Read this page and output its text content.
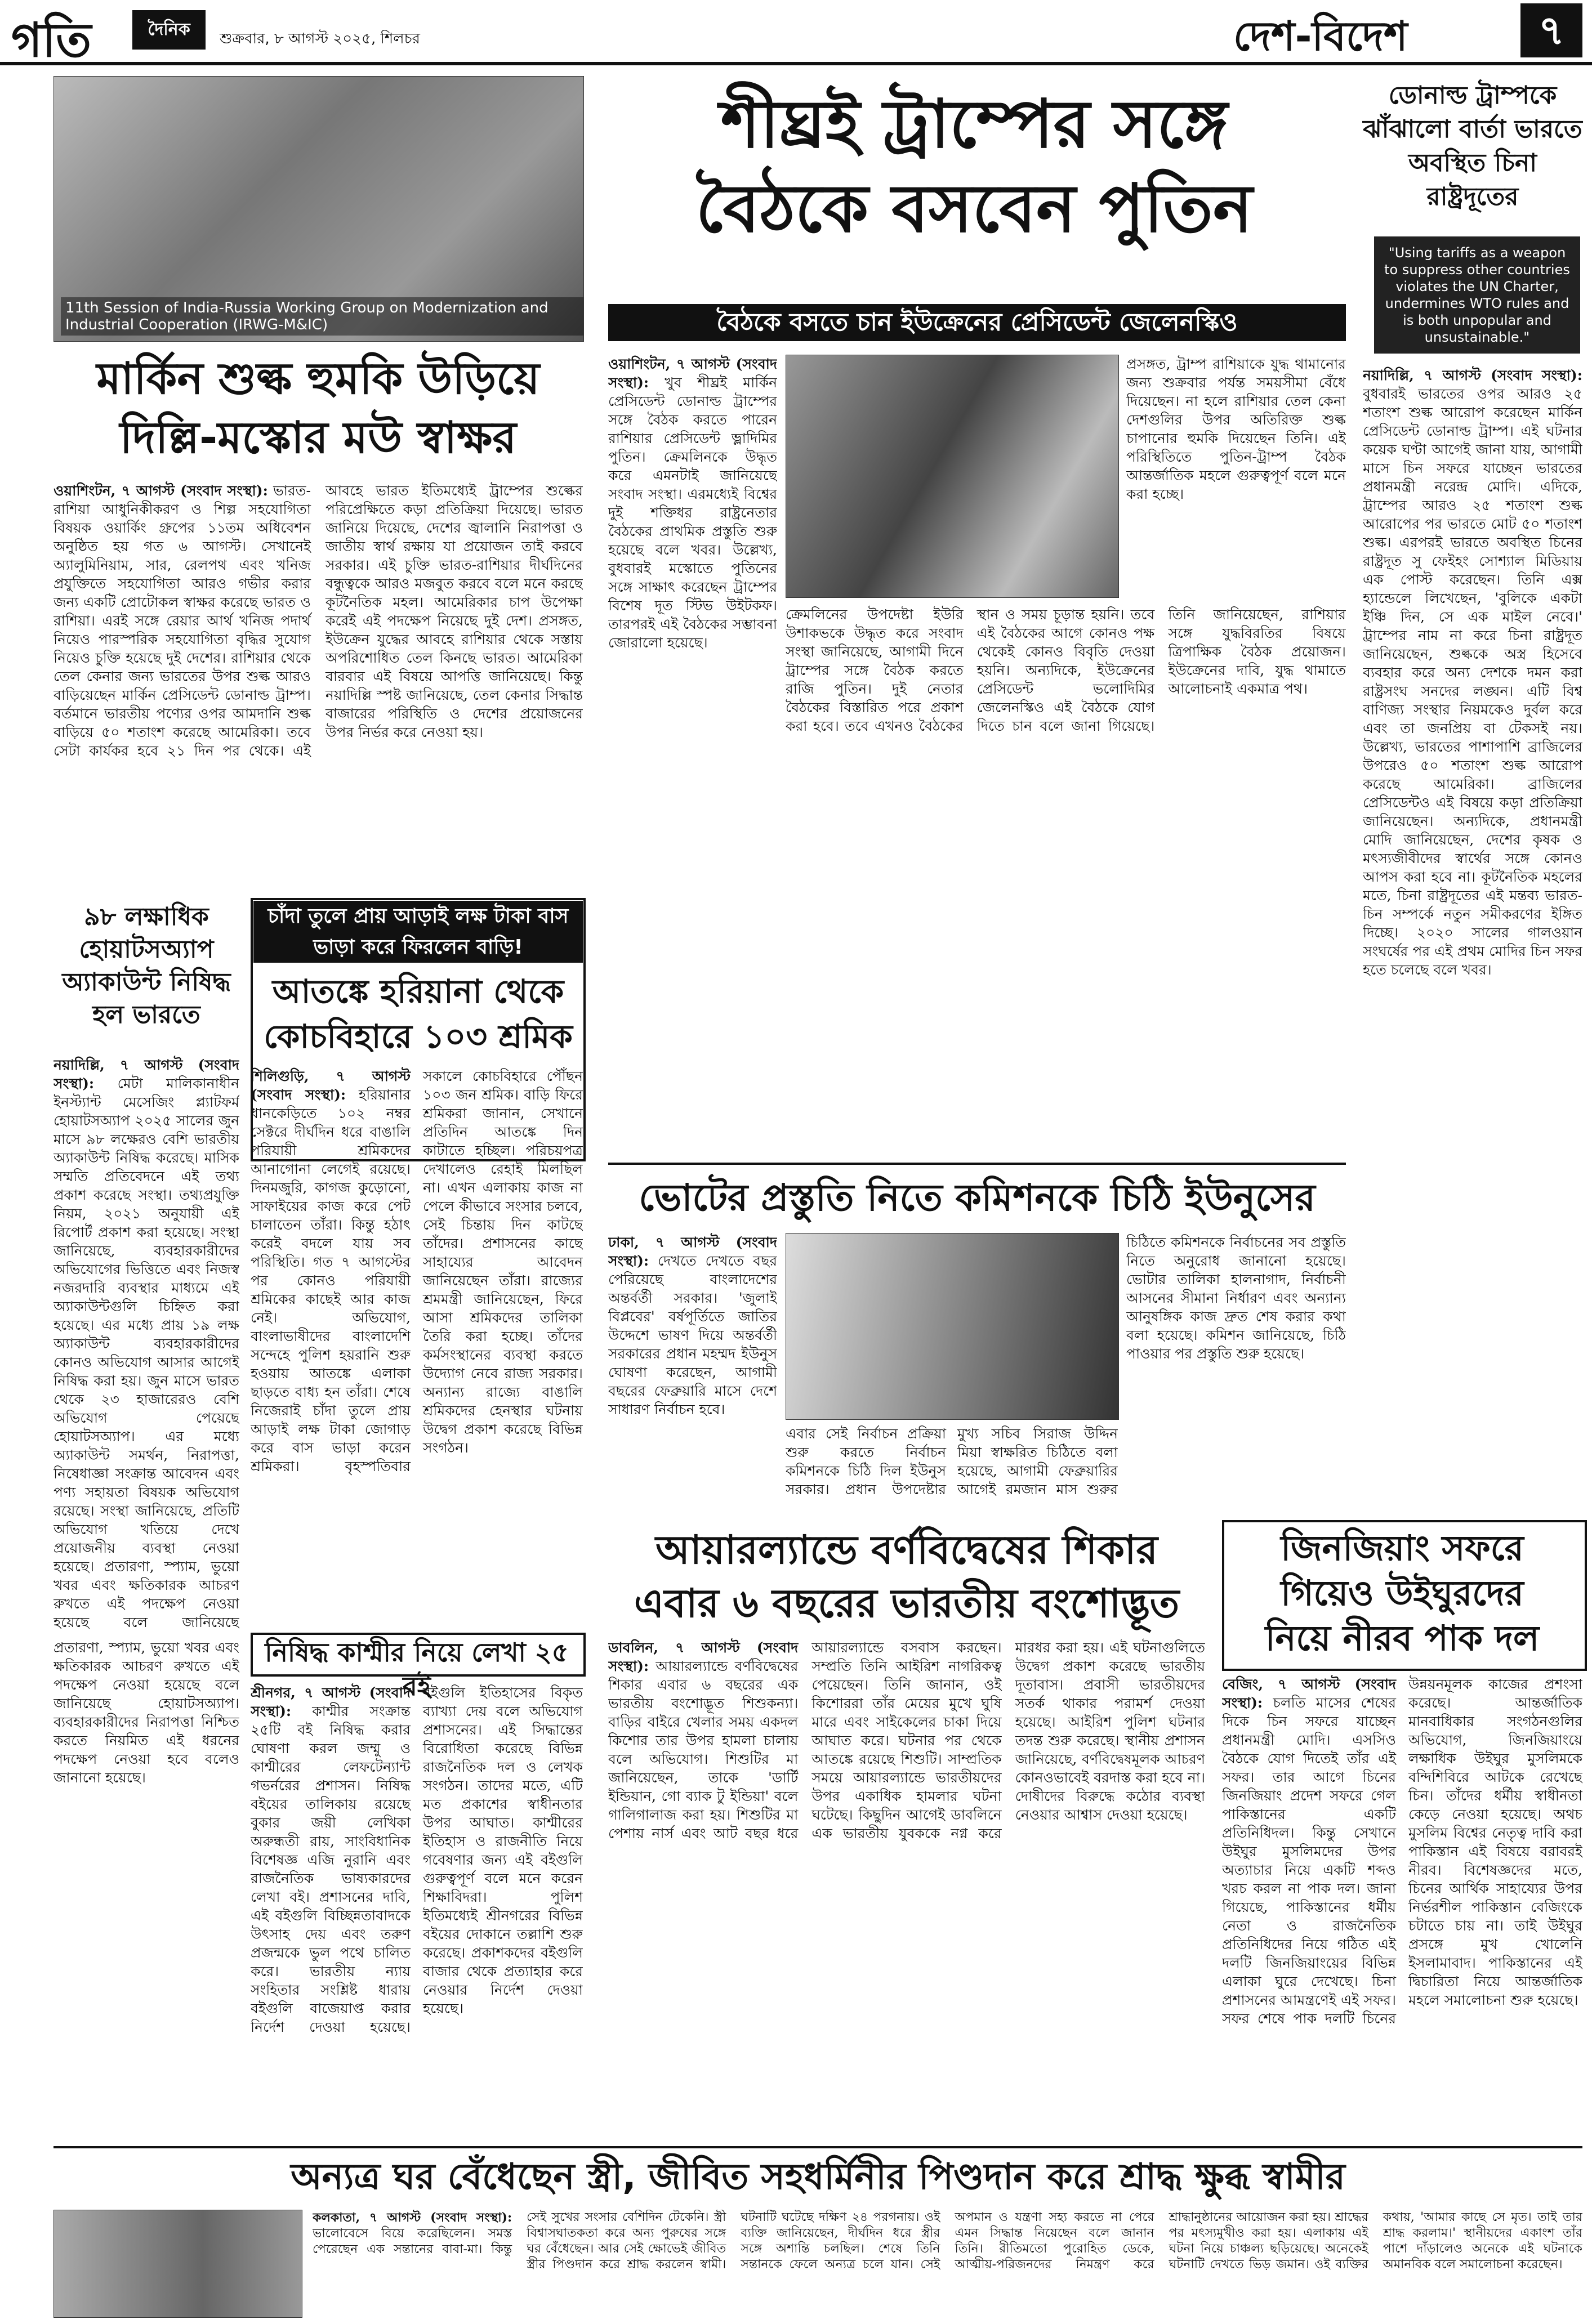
গতি	দৈনিক	শুক্রবার, ৮ আগস্ট ২০২৫, শিলচর	দেশ-বিদেশ	৭
11th Session of India-Russia Working Group on Modernization and Industrial Cooperation (IRWG-M&IC)
শীঘ্রই ট্রাম্পের সঙ্গে
বৈঠকে বসবেন পুতিন
বৈঠকে বসতে চান ইউক্রেনের প্রেসিডেন্ট জেলেনস্কিও
ডোনাল্ড ট্রাম্পকে ঝাঁঝালো বার্তা ভারতে অবস্থিত চিনা রাষ্ট্রদূতের
"Using tariffs as a weapon to suppress other countries violates the UN Charter, undermines WTO rules and is both unpopular and unsustainable."
নয়াদিল্লি, ৭ আগস্ট (সংবাদ সংস্থা): বুধবারই ভারতের ওপর আরও ২৫ শতাংশ শুল্ক আরোপ করেছেন মার্কিন প্রেসিডেন্ট ডোনাল্ড ট্রাম্প। এই ঘটনার কয়েক ঘণ্টা আগেই জানা যায়, আগামী মাসে চিন সফরে যাচ্ছেন ভারতের প্রধানমন্ত্রী নরেন্দ্র মোদি। এদিকে, ট্রাম্পের আরও ২৫ শতাংশ শুল্ক আরোপের পর ভারতে মোট ৫০ শতাংশ শুল্ক। এরপরই ভারতে অবস্থিত চিনের রাষ্ট্রদূত সু ফেইহং সোশ্যাল মিডিয়ায় এক পোস্ট করেছেন। তিনি এক্স হ্যান্ডেলে লিখেছেন, 'বুলিকে একটা ইঞ্চি দিন, সে এক মাইল নেবে।' ট্রাম্পের নাম না করে চিনা রাষ্ট্রদূত জানিয়েছেন, শুল্ককে অস্ত্র হিসেবে ব্যবহার করে অন্য দেশকে দমন করা রাষ্ট্রসংঘ সনদের লঙ্ঘন। এটি বিশ্ব বাণিজ্য সংস্থার নিয়মকেও দুর্বল করে এবং তা জনপ্রিয় বা টেকসই নয়। উল্লেখ্য, ভারতের পাশাপাশি ব্রাজিলের উপরেও ৫০ শতাংশ শুল্ক আরোপ করেছে আমেরিকা। ব্রাজিলের প্রেসিডেন্টও এই বিষয়ে কড়া প্রতিক্রিয়া জানিয়েছেন। অন্যদিকে, প্রধানমন্ত্রী মোদি জানিয়েছেন, দেশের কৃষক ও মৎস্যজীবীদের স্বার্থের সঙ্গে কোনও আপস করা হবে না। কূটনৈতিক মহলের মতে, চিনা রাষ্ট্রদূতের এই মন্তব্য ভারত-চিন সম্পর্কে নতুন সমীকরণের ইঙ্গিত দিচ্ছে। ২০২০ সালের গালওয়ান সংঘর্ষের পর এই প্রথম মোদির চিন সফর হতে চলেছে বলে খবর।
মার্কিন শুল্ক হুমকি উড়িয়ে
দিল্লি-মস্কোর মউ স্বাক্ষর
ওয়াশিংটন, ৭ আগস্ট (সংবাদ সংস্থা): ভারত-রাশিয়া আধুনিকীকরণ ও শিল্প সহযোগিতা বিষয়ক ওয়ার্কিং গ্রুপের ১১তম অধিবেশন অনুষ্ঠিত হয় গত ৬ আগস্ট। সেখানেই অ্যালুমিনিয়াম, সার, রেলপথ এবং খনিজ প্রযুক্তিতে সহযোগিতা আরও গভীর করার জন্য একটি প্রোটোকল স্বাক্ষর করেছে ভারত ও রাশিয়া। এরই সঙ্গে রেয়ার আর্থ খনিজ পদার্থ নিয়েও পারস্পরিক সহযোগিতা বৃদ্ধির সুযোগ নিয়েও চুক্তি হয়েছে দুই দেশের। রাশিয়ার থেকে তেল কেনার জন্য ভারতের উপর শুল্ক আরও বাড়িয়েছেন মার্কিন প্রেসিডেন্ট ডোনাল্ড ট্রাম্প। বর্তমানে ভারতীয় পণ্যের ওপর আমদানি শুল্ক বাড়িয়ে ৫০ শতাংশ করেছে আমেরিকা। তবে সেটা কার্যকর হবে ২১ দিন পর থেকে। এই আবহে ভারত ইতিমধ্যেই ট্রাম্পের শুল্কের পরিপ্রেক্ষিতে কড়া প্রতিক্রিয়া দিয়েছে। ভারত জানিয়ে দিয়েছে, দেশের জ্বালানি নিরাপত্তা ও জাতীয় স্বার্থ রক্ষায় যা প্রয়োজন তাই করবে সরকার। এই চুক্তি ভারত-রাশিয়ার দীর্ঘদিনের বন্ধুত্বকে আরও মজবুত করবে বলে মনে করছে কূটনৈতিক মহল। আমেরিকার চাপ উপেক্ষা করেই এই পদক্ষেপ নিয়েছে দুই দেশ। প্রসঙ্গত, ইউক্রেন যুদ্ধের আবহে রাশিয়ার থেকে সস্তায় অপরিশোধিত তেল কিনছে ভারত। আমেরিকা বারবার এই বিষয়ে আপত্তি জানিয়েছে। কিন্তু নয়াদিল্লি স্পষ্ট জানিয়েছে, তেল কেনার সিদ্ধান্ত বাজারের পরিস্থিতি ও দেশের প্রয়োজনের উপর নির্ভর করে নেওয়া হয়।
ওয়াশিংটন, ৭ আগস্ট (সংবাদ সংস্থা): খুব শীঘ্রই মার্কিন প্রেসিডেন্ট ডোনাল্ড ট্রাম্পের সঙ্গে বৈঠক করতে পারেন রাশিয়ার প্রেসিডেন্ট ভ্লাদিমির পুতিন। ক্রেমলিনকে উদ্ধৃত করে এমনটাই জানিয়েছে সংবাদ সংস্থা। এরমধ্যেই বিশ্বের দুই শক্তিধর রাষ্ট্রনেতার বৈঠকের প্রাথমিক প্রস্তুতি শুরু হয়েছে বলে খবর। উল্লেখ্য, বুধবারই মস্কোতে পুতিনের সঙ্গে সাক্ষাৎ করেছেন ট্রাম্পের বিশেষ দূত স্টিভ উইটকফ। তারপরই এই বৈঠকের সম্ভাবনা জোরালো হয়েছে।
প্রসঙ্গত, ট্রাম্প রাশিয়াকে যুদ্ধ থামানোর জন্য শুক্রবার পর্যন্ত সময়সীমা বেঁধে দিয়েছেন। না হলে রাশিয়ার তেল কেনা দেশগুলির উপর অতিরিক্ত শুল্ক চাপানোর হুমকি দিয়েছেন তিনি। এই পরিস্থিতিতে পুতিন-ট্রাম্প বৈঠক আন্তর্জাতিক মহলে গুরুত্বপূর্ণ বলে মনে করা হচ্ছে।
ক্রেমলিনের উপদেষ্টা ইউরি উশাকভকে উদ্ধৃত করে সংবাদ সংস্থা জানিয়েছে, আগামী দিনে ট্রাম্পের সঙ্গে বৈঠক করতে রাজি পুতিন। দুই নেতার বৈঠকের বিস্তারিত পরে প্রকাশ করা হবে। তবে এখনও বৈঠকের স্থান ও সময় চূড়ান্ত হয়নি। তবে এই বৈঠকের আগে কোনও পক্ষ থেকেই কোনও বিবৃতি দেওয়া হয়নি। অন্যদিকে, ইউক্রেনের প্রেসিডেন্ট ভলোদিমির জেলেনস্কিও এই বৈঠকে যোগ দিতে চান বলে জানা গিয়েছে। তিনি জানিয়েছেন, রাশিয়ার সঙ্গে যুদ্ধবিরতির বিষয়ে ত্রিপাক্ষিক বৈঠক প্রয়োজন। ইউক্রেনের দাবি, যুদ্ধ থামাতে আলোচনাই একমাত্র পথ।
৯৮ লক্ষাধিক হোয়াটসঅ্যাপ অ্যাকাউন্ট নিষিদ্ধ হল ভারতে
নয়াদিল্লি, ৭ আগস্ট (সংবাদ সংস্থা): মেটা মালিকানাধীন ইনস্ট্যান্ট মেসেজিং প্ল্যাটফর্ম হোয়াটসঅ্যাপ ২০২৫ সালের জুন মাসে ৯৮ লক্ষেরও বেশি ভারতীয় অ্যাকাউন্ট নিষিদ্ধ করেছে। মাসিক সম্মতি প্রতিবেদনে এই তথ্য প্রকাশ করেছে সংস্থা। তথ্যপ্রযুক্তি নিয়ম, ২০২১ অনুযায়ী এই রিপোর্ট প্রকাশ করা হয়েছে। সংস্থা জানিয়েছে, ব্যবহারকারীদের অভিযোগের ভিত্তিতে এবং নিজস্ব নজরদারি ব্যবস্থার মাধ্যমে এই অ্যাকাউন্টগুলি চিহ্নিত করা হয়েছে। এর মধ্যে প্রায় ১৯ লক্ষ অ্যাকাউন্ট ব্যবহারকারীদের কোনও অভিযোগ আসার আগেই নিষিদ্ধ করা হয়। জুন মাসে ভারত থেকে ২৩ হাজারেরও বেশি অভিযোগ পেয়েছে হোয়াটসঅ্যাপ। এর মধ্যে অ্যাকাউন্ট সমর্থন, নিরাপত্তা, নিষেধাজ্ঞা সংক্রান্ত আবেদন এবং পণ্য সহায়তা বিষয়ক অভিযোগ রয়েছে। সংস্থা জানিয়েছে, প্রতিটি অভিযোগ খতিয়ে দেখে প্রয়োজনীয় ব্যবস্থা নেওয়া হয়েছে। প্রতারণা, স্প্যাম, ভুয়ো খবর এবং ক্ষতিকারক আচরণ রুখতে এই পদক্ষেপ নেওয়া হয়েছে বলে জানিয়েছে
চাঁদা তুলে প্রায় আড়াই লক্ষ টাকা বাস ভাড়া করে ফিরলেন বাড়ি!
আতঙ্কে হরিয়ানা থেকে
কোচবিহারে ১০৩ শ্রমিক
শিলিগুড়ি, ৭ আগস্ট (সংবাদ সংস্থা): হরিয়ানার ধানকেড়িতে ১০২ নম্বর সেক্টরে দীর্ঘদিন ধরে বাঙালি পরিযায়ী শ্রমিকদের আনাগোনা লেগেই রয়েছে। দিনমজুরি, কাগজ কুড়োনো, সাফাইয়ের কাজ করে পেট চালাতেন তাঁরা। কিন্তু হঠাৎ করেই বদলে যায় সব পরিস্থিতি। গত ৭ আগস্টের পর কোনও পরিযায়ী শ্রমিকের কাছেই আর কাজ নেই।	অভিযোগ, বাংলাভাষীদের বাংলাদেশি সন্দেহে পুলিশ হয়রানি শুরু হওয়ায় আতঙ্কে এলাকা ছাড়তে বাধ্য হন তাঁরা। শেষে নিজেরাই চাঁদা তুলে প্রায় আড়াই লক্ষ টাকা জোগাড় করে বাস ভাড়া করেন শ্রমিকরা। বৃহস্পতিবার সকালে কোচবিহারে পৌঁছন ১০৩ জন শ্রমিক। বাড়ি ফিরে শ্রমিকরা জানান, সেখানে প্রতিদিন আতঙ্কে দিন কাটাতে হচ্ছিল। পরিচয়পত্র দেখালেও রেহাই মিলছিল না। এখন এলাকায় কাজ না পেলে কীভাবে সংসার চলবে, সেই চিন্তায় দিন কাটছে তাঁদের। প্রশাসনের কাছে সাহায্যের আবেদন জানিয়েছেন তাঁরা। রাজ্যের শ্রমমন্ত্রী জানিয়েছেন, ফিরে আসা শ্রমিকদের তালিকা তৈরি করা হচ্ছে। তাঁদের কর্মসংস্থানের ব্যবস্থা করতে উদ্যোগ নেবে রাজ্য সরকার। অন্যান্য রাজ্যে বাঙালি শ্রমিকদের হেনস্থার ঘটনায় উদ্বেগ প্রকাশ করেছে বিভিন্ন সংগঠন।
ভোটের প্রস্তুতি নিতে কমিশনকে চিঠি ইউনুসের
ঢাকা, ৭ আগস্ট (সংবাদ সংস্থা): দেখতে দেখতে বছর পেরিয়েছে বাংলাদেশের অন্তর্বর্তী সরকার। 'জুলাই বিপ্লবের' বর্ষপূর্তিতে জাতির উদ্দেশে ভাষণ দিয়ে অন্তর্বর্তী সরকারের প্রধান মহম্মদ ইউনুস ঘোষণা করেছেন, আগামী বছরের ফেব্রুয়ারি মাসে দেশে সাধারণ নির্বাচন হবে।
চিঠিতে কমিশনকে নির্বাচনের সব প্রস্তুতি নিতে অনুরোধ জানানো হয়েছে। ভোটার তালিকা হালনাগাদ, নির্বাচনী আসনের সীমানা নির্ধারণ এবং অন্যান্য আনুষঙ্গিক কাজ দ্রুত শেষ করার কথা বলা হয়েছে। কমিশন জানিয়েছে, চিঠি পাওয়ার পর প্রস্তুতি শুরু হয়েছে।
এবার সেই নির্বাচন প্রক্রিয়া শুরু করতে নির্বাচন কমিশনকে চিঠি দিল ইউনুস সরকার। প্রধান উপদেষ্টার মুখ্য সচিব সিরাজ উদ্দিন মিয়া স্বাক্ষরিত চিঠিতে বলা হয়েছে, আগামী ফেব্রুয়ারির আগেই রমজান মাস শুরুর
নিষিদ্ধ কাশ্মীর নিয়ে লেখা ২৫ বই
শ্রীনগর, ৭ আগস্ট (সংবাদ সংস্থা): কাশ্মীর সংক্রান্ত ২৫টি বই নিষিদ্ধ করার ঘোষণা করল জম্মু ও কাশ্মীরের লেফটেন্যান্ট গভর্নরের প্রশাসন। নিষিদ্ধ বইয়ের তালিকায় রয়েছে বুকার জয়ী লেখিকা অরুন্ধতী রায়, সাংবিধানিক বিশেষজ্ঞ এজি নুরানি এবং রাজনৈতিক ভাষ্যকারদের লেখা বই। প্রশাসনের দাবি, এই বইগুলি বিচ্ছিন্নতাবাদকে উৎসাহ দেয় এবং তরুণ প্রজন্মকে ভুল পথে চালিত করে। ভারতীয় ন্যায় সংহিতার সংশ্লিষ্ট ধারায় বইগুলি বাজেয়াপ্ত করার নির্দেশ দেওয়া হয়েছে। বইগুলি ইতিহাসের বিকৃত ব্যাখ্যা দেয় বলে অভিযোগ প্রশাসনের। এই সিদ্ধান্তের বিরোধিতা করেছে বিভিন্ন রাজনৈতিক দল ও লেখক সংগঠন। তাদের মতে, এটি মত প্রকাশের স্বাধীনতার উপর আঘাত। কাশ্মীরের ইতিহাস ও রাজনীতি নিয়ে গবেষণার জন্য এই বইগুলি গুরুত্বপূর্ণ বলে মনে করেন শিক্ষাবিদরা।	পুলিশ ইতিমধ্যেই শ্রীনগরের বিভিন্ন বইয়ের দোকানে তল্লাশি শুরু করেছে। প্রকাশকদের বইগুলি বাজার থেকে প্রত্যাহার করে নেওয়ার নির্দেশ দেওয়া হয়েছে।
প্রতারণা, স্প্যাম, ভুয়ো খবর এবং ক্ষতিকারক আচরণ রুখতে এই পদক্ষেপ নেওয়া হয়েছে বলে জানিয়েছে হোয়াটসঅ্যাপ। ব্যবহারকারীদের নিরাপত্তা নিশ্চিত করতে নিয়মিত এই ধরনের পদক্ষেপ নেওয়া হবে বলেও জানানো হয়েছে।
আয়ারল্যান্ডে বর্ণবিদ্বেষের শিকার
এবার ৬ বছরের ভারতীয় বংশোদ্ভূত
ডাবলিন, ৭ আগস্ট (সংবাদ সংস্থা): আয়ারল্যান্ডে বর্ণবিদ্বেষের শিকার এবার ৬ বছরের এক ভারতীয় বংশোদ্ভূত শিশুকন্যা। বাড়ির বাইরে খেলার সময় একদল কিশোর তার উপর হামলা চালায় বলে অভিযোগ। শিশুটির মা জানিয়েছেন, তাকে 'ডার্টি ইন্ডিয়ান, গো ব্যাক টু ইন্ডিয়া' বলে গালিগালাজ করা হয়। শিশুটির মা পেশায় নার্স এবং আট বছর ধরে আয়ারল্যান্ডে বসবাস করছেন। সম্প্রতি তিনি আইরিশ নাগরিকত্ব পেয়েছেন। তিনি জানান, ওই কিশোররা তাঁর মেয়ের মুখে ঘুষি মারে এবং সাইকেলের চাকা দিয়ে আঘাত করে। ঘটনার পর থেকে আতঙ্কে রয়েছে শিশুটি। সাম্প্রতিক সময়ে আয়ারল্যান্ডে ভারতীয়দের উপর একাধিক হামলার ঘটনা ঘটেছে। কিছুদিন আগেই ডাবলিনে এক ভারতীয় যুবককে নগ্ন করে মারধর করা হয়। এই ঘটনাগুলিতে উদ্বেগ প্রকাশ করেছে ভারতীয় দূতাবাস। প্রবাসী ভারতীয়দের সতর্ক থাকার পরামর্শ দেওয়া হয়েছে। আইরিশ পুলিশ ঘটনার তদন্ত শুরু করেছে। স্থানীয় প্রশাসন জানিয়েছে, বর্ণবিদ্বেষমূলক আচরণ কোনওভাবেই বরদাস্ত করা হবে না। দোষীদের বিরুদ্ধে কঠোর ব্যবস্থা নেওয়ার আশ্বাস দেওয়া হয়েছে।
জিনজিয়াং সফরে
গিয়েও উইঘুরদের
নিয়ে নীরব পাক দল
বেজিং, ৭ আগস্ট (সংবাদ সংস্থা): চলতি মাসের শেষের দিকে চিন সফরে যাচ্ছেন প্রধানমন্ত্রী মোদি। এসসিও বৈঠকে যোগ দিতেই তাঁর এই সফর। তার আগে চিনের জিনজিয়াং প্রদেশ সফরে গেল পাকিস্তানের একটি প্রতিনিধিদল। কিন্তু সেখানে উইঘুর মুসলিমদের উপর অত্যাচার নিয়ে একটি শব্দও খরচ করল না পাক দল। জানা গিয়েছে, পাকিস্তানের ধর্মীয় নেতা ও রাজনৈতিক প্রতিনিধিদের নিয়ে গঠিত এই দলটি জিনজিয়াংয়ের বিভিন্ন এলাকা ঘুরে দেখেছে। চিনা প্রশাসনের আমন্ত্রণেই এই সফর। সফর শেষে পাক দলটি চিনের উন্নয়নমূলক কাজের প্রশংসা করেছে।	আন্তর্জাতিক মানবাধিকার সংগঠনগুলির অভিযোগ, জিনজিয়াংয়ে লক্ষাধিক উইঘুর মুসলিমকে বন্দিশিবিরে আটকে রেখেছে চিন। তাঁদের ধর্মীয় স্বাধীনতা কেড়ে নেওয়া হয়েছে। অথচ মুসলিম বিশ্বের নেতৃত্ব দাবি করা পাকিস্তান এই বিষয়ে বরাবরই নীরব। বিশেষজ্ঞদের মতে, চিনের আর্থিক সাহায্যের উপর নির্ভরশীল পাকিস্তান বেজিংকে চটাতে চায় না। তাই উইঘুর প্রসঙ্গে মুখ খোলেনি ইসলামাবাদ। পাকিস্তানের এই দ্বিচারিতা নিয়ে আন্তর্জাতিক মহলে সমালোচনা শুরু হয়েছে।
অন্যত্র ঘর বেঁধেছেন স্ত্রী, জীবিত সহধর্মিনীর পিণ্ডদান করে শ্রাদ্ধ ক্ষুব্ধ স্বামীর
কলকাতা, ৭ আগস্ট (সংবাদ সংস্থা): ভালোবেসে বিয়ে করেছিলেন। সমস্ত পেরেছেন এক সন্তানের বাবা-মা। কিন্তু সেই সুখের সংসার বেশিদিন টেকেনি। স্ত্রী বিশ্বাসঘাতকতা করে অন্য পুরুষের সঙ্গে ঘর বেঁধেছেন। আর সেই ক্ষোভেই জীবিত স্ত্রীর পিণ্ডদান করে শ্রাদ্ধ করলেন স্বামী। ঘটনাটি ঘটেছে দক্ষিণ ২৪ পরগনায়। ওই ব্যক্তি জানিয়েছেন, দীর্ঘদিন ধরে স্ত্রীর সঙ্গে অশান্তি চলছিল। শেষে তিনি সন্তানকে ফেলে অন্যত্র চলে যান। সেই অপমান ও যন্ত্রণা সহ্য করতে না পেরে এমন সিদ্ধান্ত নিয়েছেন বলে জানান তিনি। রীতিমতো পুরোহিত ডেকে, আত্মীয়-পরিজনদের নিমন্ত্রণ করে শ্রাদ্ধানুষ্ঠানের আয়োজন করা হয়। শ্রাদ্ধের পর মৎস্যমুখীও করা হয়। এলাকায় এই ঘটনা নিয়ে চাঞ্চল্য ছড়িয়েছে। অনেকেই ঘটনাটি দেখতে ভিড় জমান। ওই ব্যক্তির কথায়, 'আমার কাছে সে মৃত। তাই তার শ্রাদ্ধ করলাম।' স্থানীয়দের একাংশ তাঁর পাশে দাঁড়ালেও অনেকে এই ঘটনাকে অমানবিক বলে সমালোচনা করেছেন।
